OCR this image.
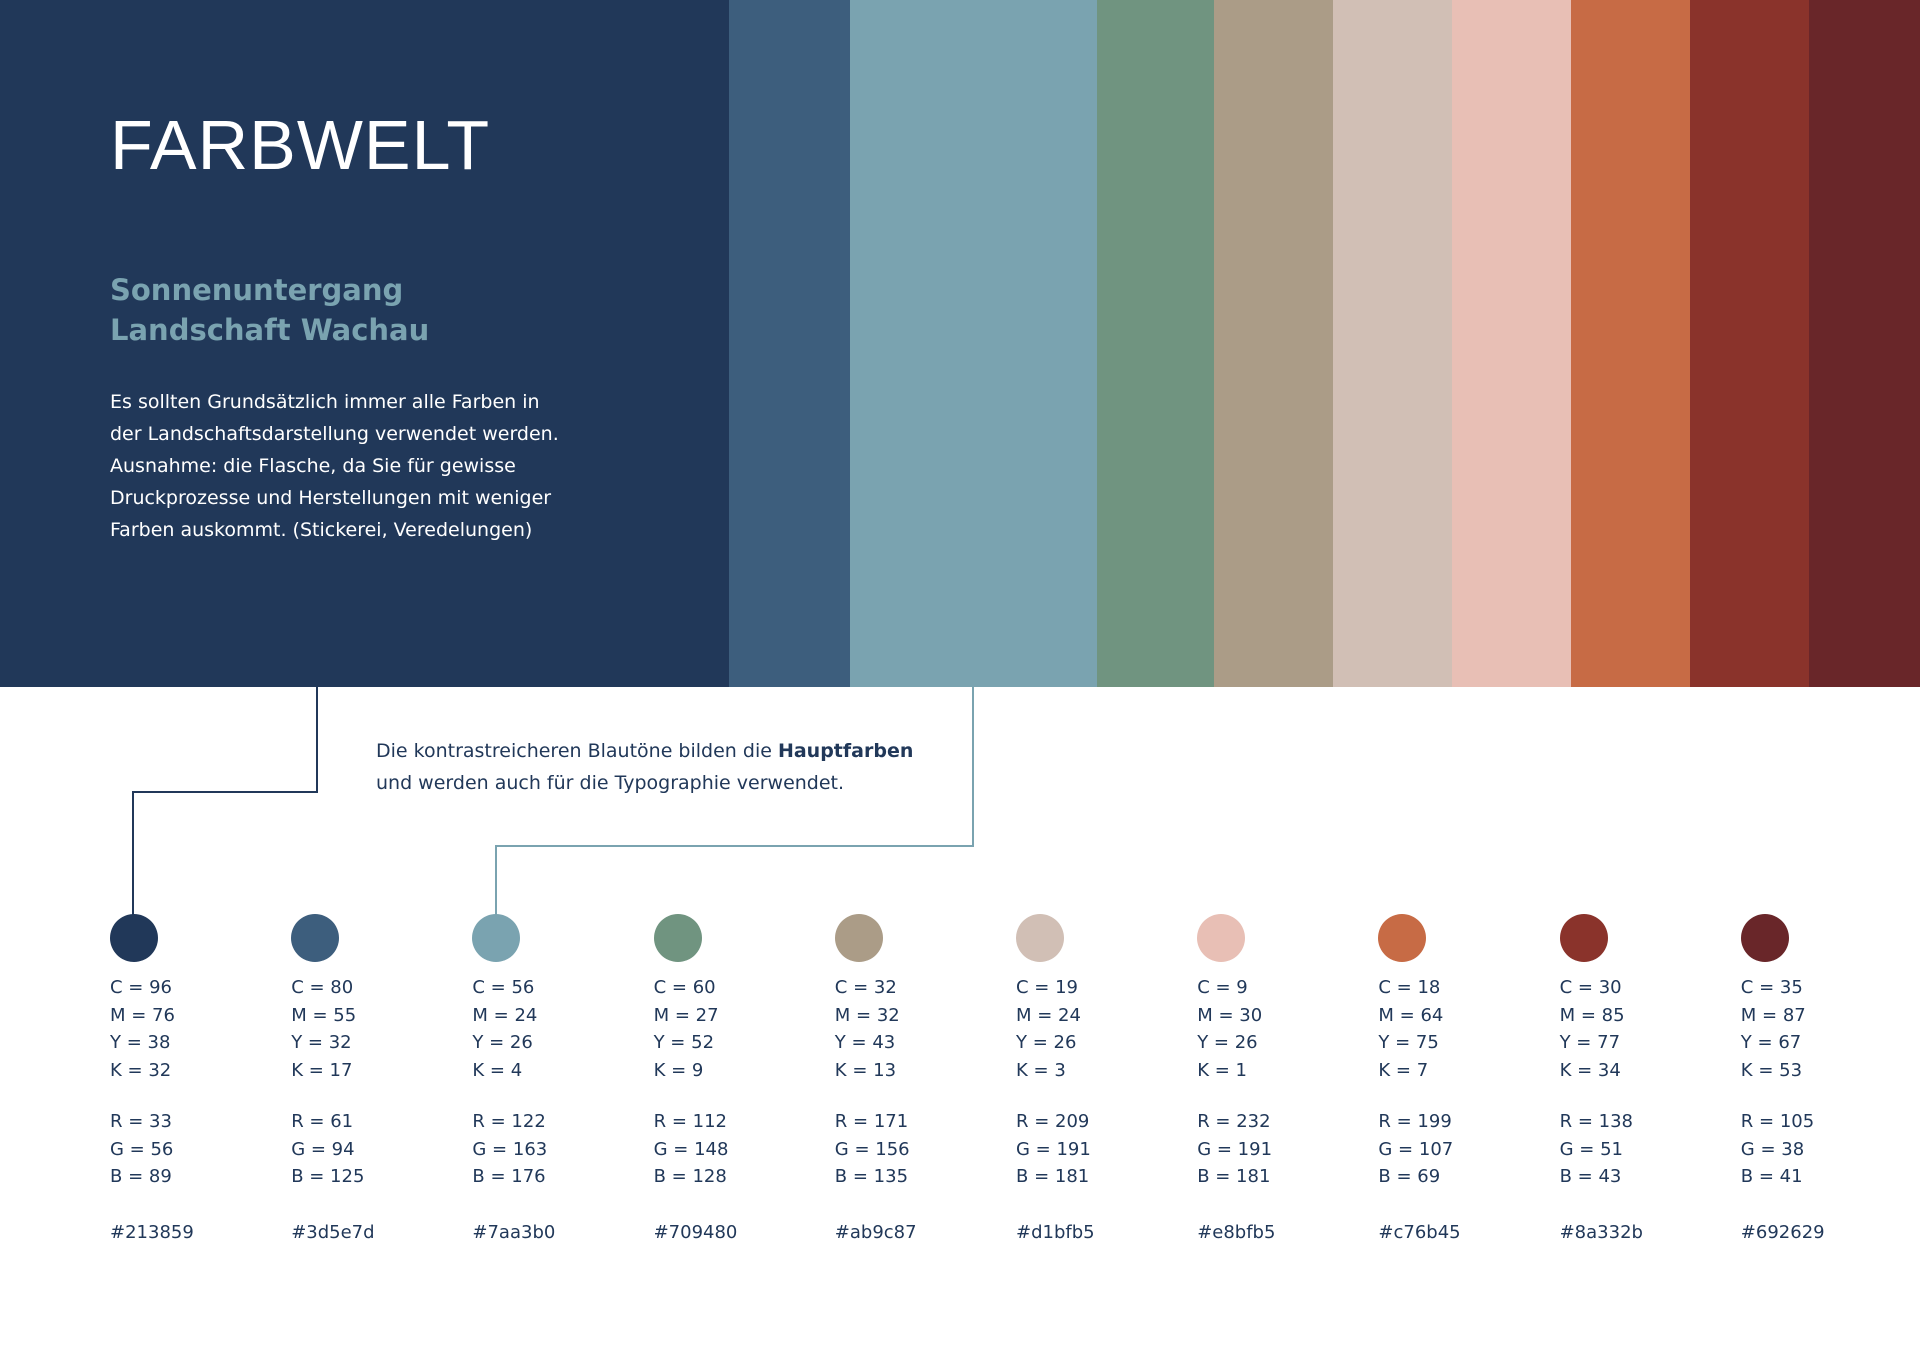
FARBWELT
Sonnenuntergang
Landschaft Wachau
Es sollten Grundsätzlich immer alle Farben in
der Landschaftsdarstellung verwendet werden.
Ausnahme: die Flasche, da Sie für gewisse
Druckprozesse und Herstellungen mit weniger
Farben auskommt. (Stickerei, Veredelungen)
Die kontrastreicheren Blautöne bilden die Hauptfarben
und werden auch für die Typographie verwendet.
C = 96
M = 76
Y = 38
K = 32
R = 33
G = 56
B = 89
#213859
C = 80
M = 55
Y = 32
K = 17
R = 61
G = 94
B = 125
#3d5e7d
C = 56
M = 24
Y = 26
K = 4
R = 122
G = 163
B = 176
#7aa3b0
C = 60
M = 27
Y = 52
K = 9
R = 112
G = 148
B = 128
#709480
C = 32
M = 32
Y = 43
K = 13
R = 171
G = 156
B = 135
#ab9c87
C = 19
M = 24
Y = 26
K = 3
R = 209
G = 191
B = 181
#d1bfb5
C = 9
M = 30
Y = 26
K = 1
R = 232
G = 191
B = 181
#e8bfb5
C = 18
M = 64
Y = 75
K = 7
R = 199
G = 107
B = 69
#c76b45
C = 30
M = 85
Y = 77
K = 34
R = 138
G = 51
B = 43
#8a332b
C = 35
M = 87
Y = 67
K = 53
R = 105
G = 38
B = 41
#692629
